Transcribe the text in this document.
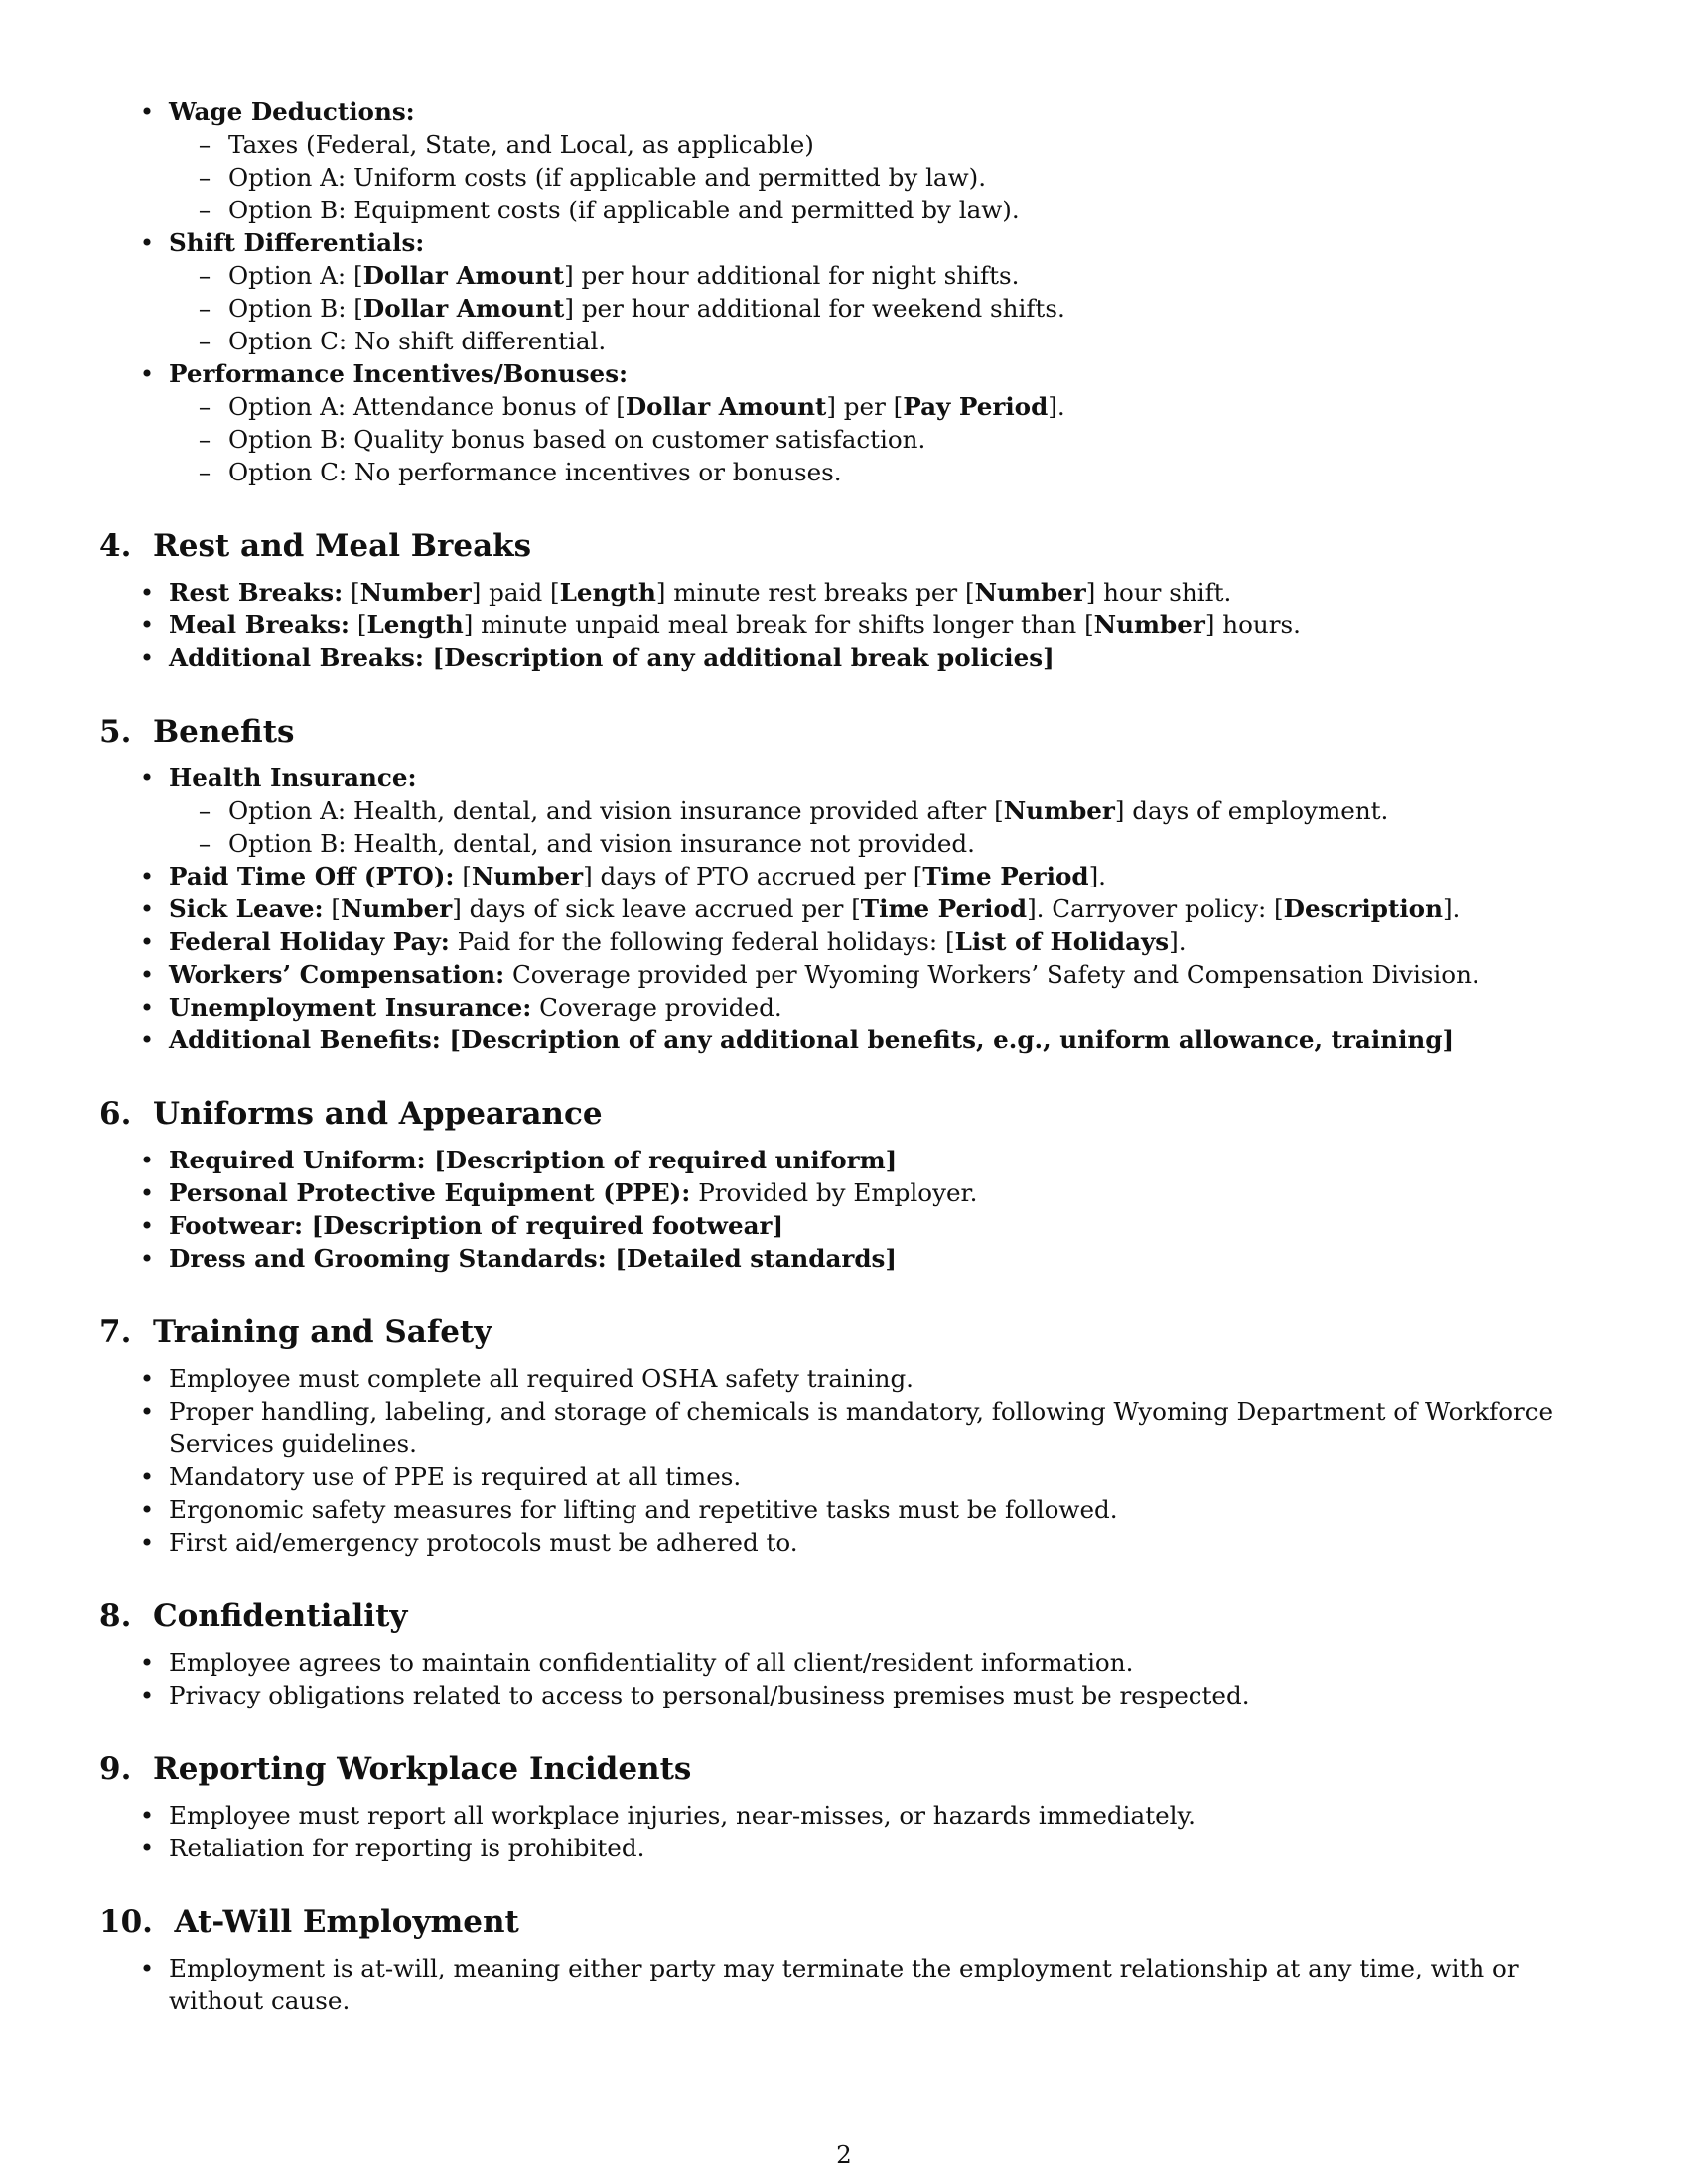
• Wage Deductions:
– Taxes (Federal, State, and Local, as applicable)
– Option A: Uniform costs (if applicable and permitted by law).
– Option B: Equipment costs (if applicable and permitted by law).
• Shift Differentials:
– Option A: [Dollar Amount] per hour additional for night shifts.
– Option B: [Dollar Amount] per hour additional for weekend shifts.
– Option C: No shift differential.
• Performance Incentives/Bonuses:
– Option A: Attendance bonus of [Dollar Amount] per [Pay Period].
– Option B: Quality bonus based on customer satisfaction.
– Option C: No performance incentives or bonuses.
4. Rest and Meal Breaks
• Rest Breaks: [Number] paid [Length] minute rest breaks per [Number] hour shift.
• Meal Breaks: [Length] minute unpaid meal break for shifts longer than [Number] hours.
• Additional Breaks: [Description of any additional break policies]
5. Benefits
• Health Insurance:
– Option A: Health, dental, and vision insurance provided after [Number] days of employment.
– Option B: Health, dental, and vision insurance not provided.
• Paid Time Off (PTO): [Number] days of PTO accrued per [Time Period].
• Sick Leave: [Number] days of sick leave accrued per [Time Period]. Carryover policy: [Description].
• Federal Holiday Pay: Paid for the following federal holidays: [List of Holidays].
• Workers’ Compensation: Coverage provided per Wyoming Workers’ Safety and Compensation Division.
• Unemployment Insurance: Coverage provided.
• Additional Benefits: [Description of any additional benefits, e.g., uniform allowance, training]
6. Uniforms and Appearance
• Required Uniform: [Description of required uniform]
• Personal Protective Equipment (PPE): Provided by Employer.
• Footwear: [Description of required footwear]
• Dress and Grooming Standards: [Detailed standards]
7. Training and Safety
• Employee must complete all required OSHA safety training.
• Proper handling, labeling, and storage of chemicals is mandatory, following Wyoming Department of Workforce Services guidelines.
• Mandatory use of PPE is required at all times.
• Ergonomic safety measures for lifting and repetitive tasks must be followed.
• First aid/emergency protocols must be adhered to.
8. Confidentiality
• Employee agrees to maintain confidentiality of all client/resident information.
• Privacy obligations related to access to personal/business premises must be respected.
9. Reporting Workplace Incidents
• Employee must report all workplace injuries, near-misses, or hazards immediately.
• Retaliation for reporting is prohibited.
10. At-Will Employment
• Employment is at-will, meaning either party may terminate the employment relationship at any time, with or without cause.
2
